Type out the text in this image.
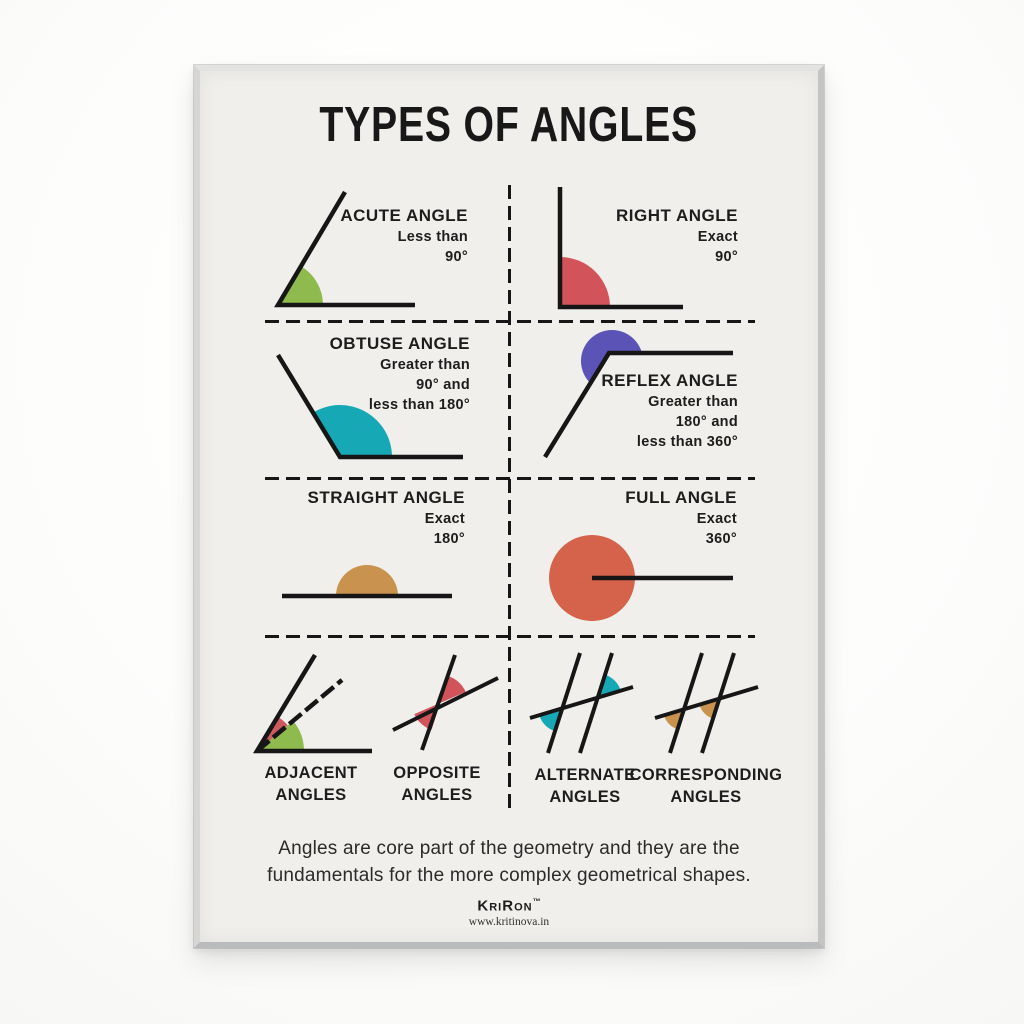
TYPES OF ANGLES
ACUTE ANGLE
Less than
90°
RIGHT ANGLE
Exact
90°
OBTUSE ANGLE
Greater than
90° and
less than 180°
REFLEX ANGLE
Greater than
180° and
less than 360°
STRAIGHT ANGLE
Exact
180°
FULL ANGLE
Exact
360°
ADJACENT
ANGLES
OPPOSITE
ANGLES
ALTERNATE
ANGLES
CORRESPONDING
ANGLES
Angles are core part of the geometry and they are the
fundamentals for the more complex geometrical shapes.
KriRon™
www.kritinova.in
